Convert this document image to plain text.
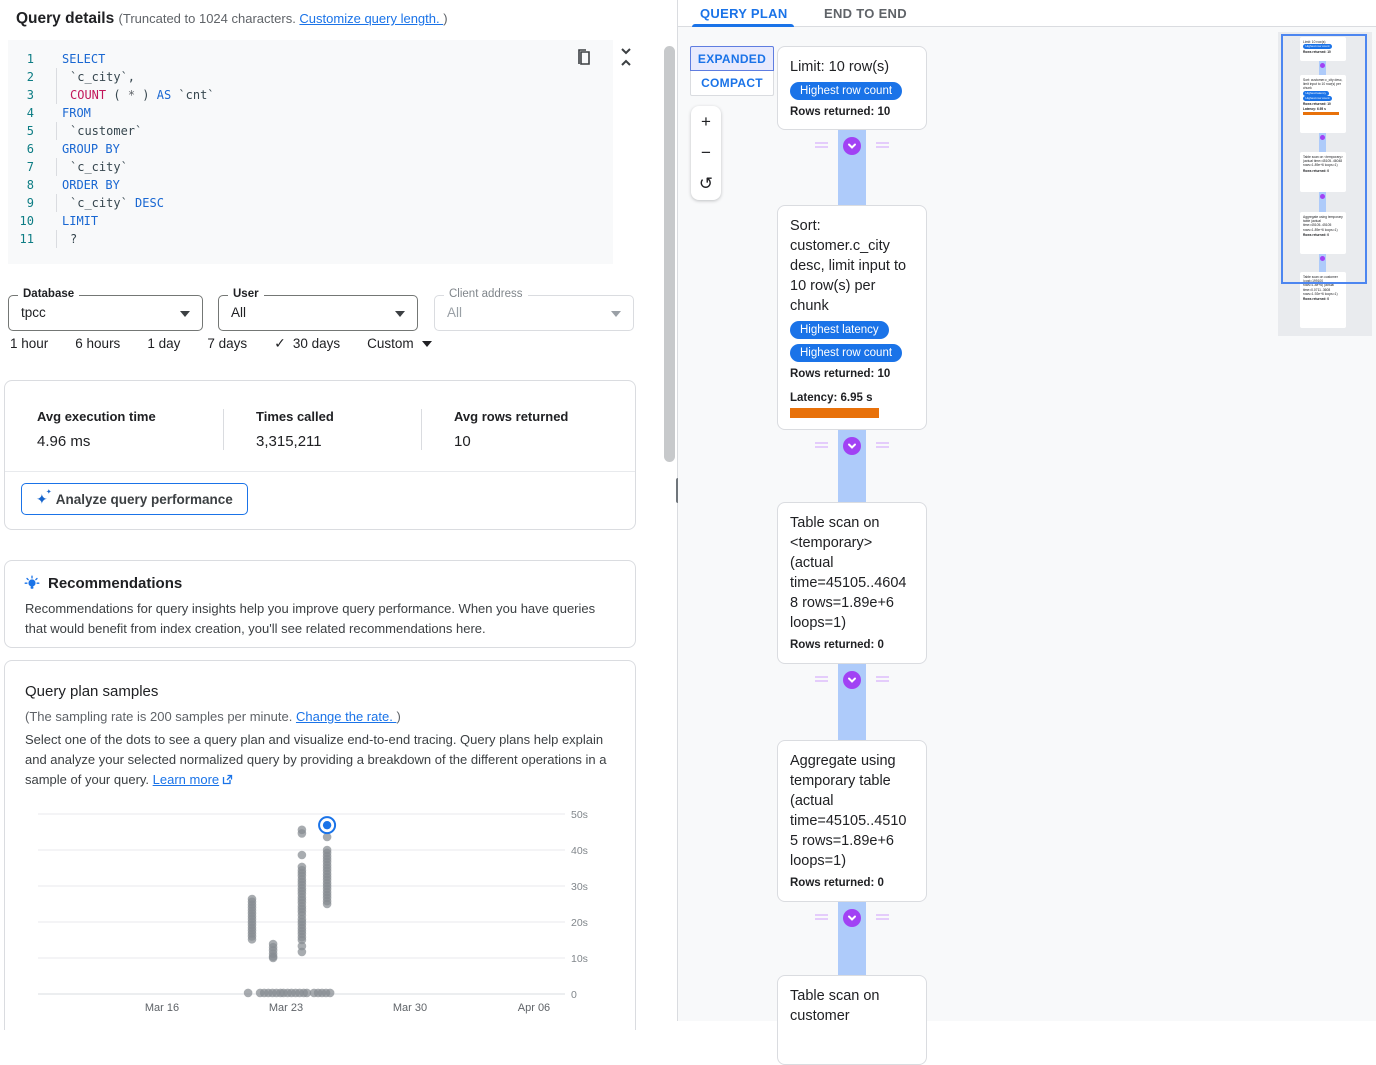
Query details (Truncated to 1024 characters. Customize query length. )
1	SELECT
2	`c_city`,
3	COUNT ( * ) AS `cnt`
4	FROM
5	`customer`
6	GROUP BY
7	`c_city`
8	ORDER BY
9	`c_city` DESC
10	LIMIT
11	?
Database
tpcc
User
All
Client address
All
1 hour 6 hours 1 day 7 days ✓ 30 days Custom
Avg execution time
4.96 ms
Times called
3,315,211
Avg rows returned
10
✦
✦ Analyze query performance
Recommendations
Recommendations for query insights help you improve query performance. When you have queries that would benefit from index creation, you'll see related recommendations here.
Query plan samples
(The sampling rate is 200 samples per minute. Change the rate. )
Select one of the dots to see a query plan and visualize end-to-end tracing. Query plans help explain and analyze your selected normalized query by providing a breakdown of the different operations in a sample of your query. Learn more
0
10s
20s
30s
40s
50s
Mar 16	Mar 23	Mar 30	Apr 06
QUERY PLAN	END TO END
EXPANDED
COMPACT
+
−
↺
Limit: 10 row(s)
Highest row count
Rows returned: 10
Sort: customer.c_city desc, limit input to 10 row(s) per chunk
Highest latency
Highest row count
Rows returned: 10
Latency: 6.95 s
Table scan on <temporary> (actual time=45105..46048 rows=1.89e+6 loops=1)
Rows returned: 0
Aggregate using temporary table (actual time=45105..45105 rows=1.89e+6 loops=1)
Rows returned: 0
Table scan on customer
Limit: 10 row(s)
Highest row count
Rows returned: 10
Sort: customer.c_city desc, limit input to 10 row(s) per chunk
Highest latency
Highest row count
Rows returned: 10
Latency: 6.95 s
Table scan on <temporary> (actual time=45105..46048 rows=1.89e+6 loops=1)
Rows returned: 0
Aggregate using temporary table (actual time=45105..45105 rows=1.89e+6 loops=1)
Rows returned: 0
Table scan on customer (cost=199100 rows=1.8e+6) (actual time=0.0711..3608 rows=1.92e+6 loops=1)
Rows returned: 0
